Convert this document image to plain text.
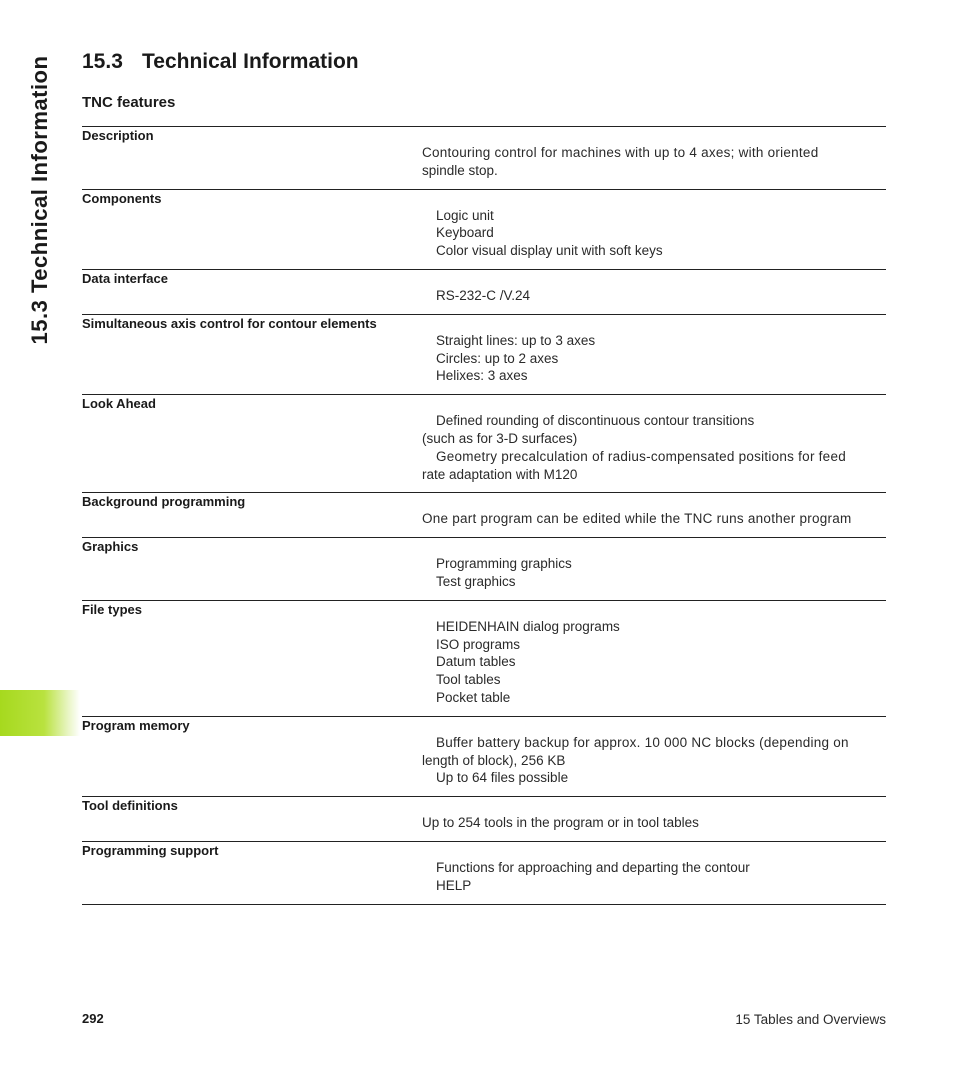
15.3 Technical Information 15.3 Technical Information
TNC features
Description
Contouring control for machines with up to 4 axes; with oriented
spindle stop.
Components
Logic unit
Keyboard
Color visual display unit with soft keys
Data interface
RS-232-C /V.24
Simultaneous axis control for contour elements
Straight lines: up to 3 axes
Circles: up to 2 axes
Helixes: 3 axes
Look Ahead
Defined rounding of discontinuous contour transitions
(such as for 3-D surfaces)
Geometry precalculation of radius-compensated positions for feed
rate adaptation with M120
Background programming
One part program can be edited while the TNC runs another program
Graphics
Programming graphics
Test graphics
File types
HEIDENHAIN dialog programs
ISO programs
Datum tables
Tool tables
Pocket table
Program memory
Buffer battery backup for approx. 10 000 NC blocks (depending on
length of block), 256 KB
Up to 64 files possible
Tool definitions
Up to 254 tools in the program or in tool tables
Programming support
Functions for approaching and departing the contour
HELP
292	15 Tables and Overviews
